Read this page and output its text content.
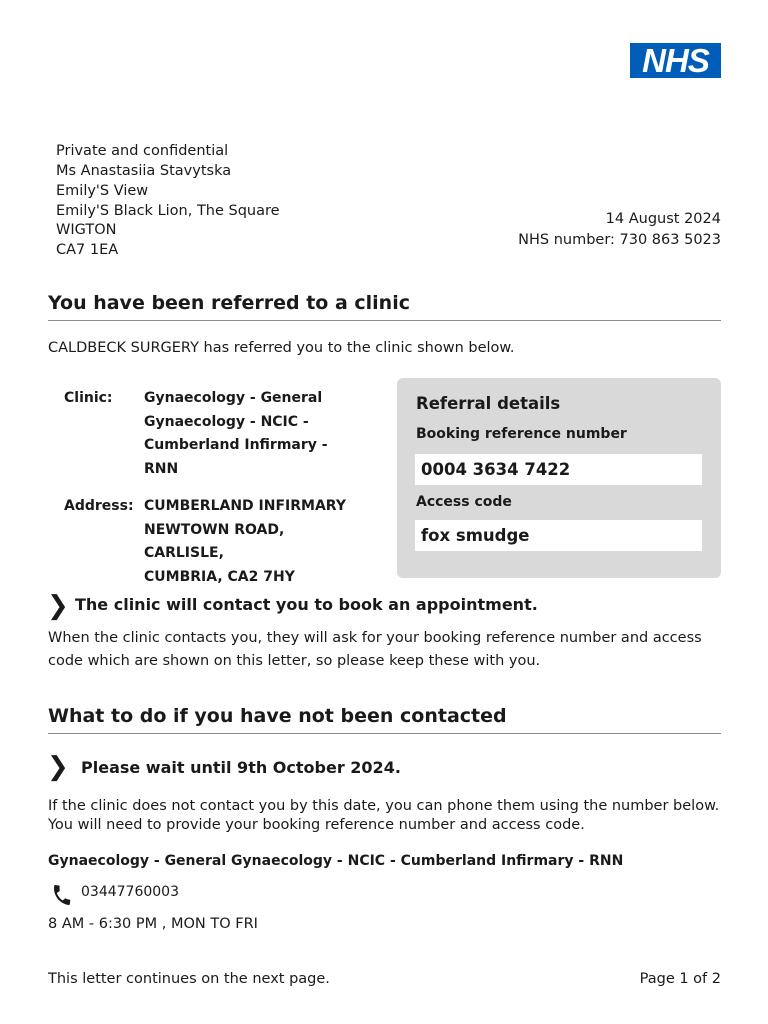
NHS
Private and confidential
Ms Anastasiia Stavytska
Emily'S View
Emily'S Black Lion, The Square
WIGTON
CA7 1EA
14 August 2024
NHS number: 730 863 5023
You have been referred to a clinic
CALDBECK SURGERY has referred you to the clinic shown below.
Clinic:	Gynaecology - General
Gynaecology - NCIC -
Cumberland Infirmary - RNN
Address: CUMBERLAND INFIRMARY
NEWTOWN ROAD, CARLISLE,
CUMBRIA, CA2 7HY
Referral details
Booking reference number
0004 3634 7422
Access code
fox smudge
❯ The clinic will contact you to book an appointment.
When the clinic contacts you, they will ask for your booking reference number and access code which are shown on this letter, so please keep these with you.
What to do if you have not been contacted
❯ Please wait until 9th October 2024.
If the clinic does not contact you by this date, you can phone them using the number below. You will need to provide your booking reference number and access code.
Gynaecology - General Gynaecology - NCIC - Cumberland Infirmary - RNN
03447760003
8 AM - 6:30 PM , MON TO FRI
This letter continues on the next page.	Page 1 of 2
